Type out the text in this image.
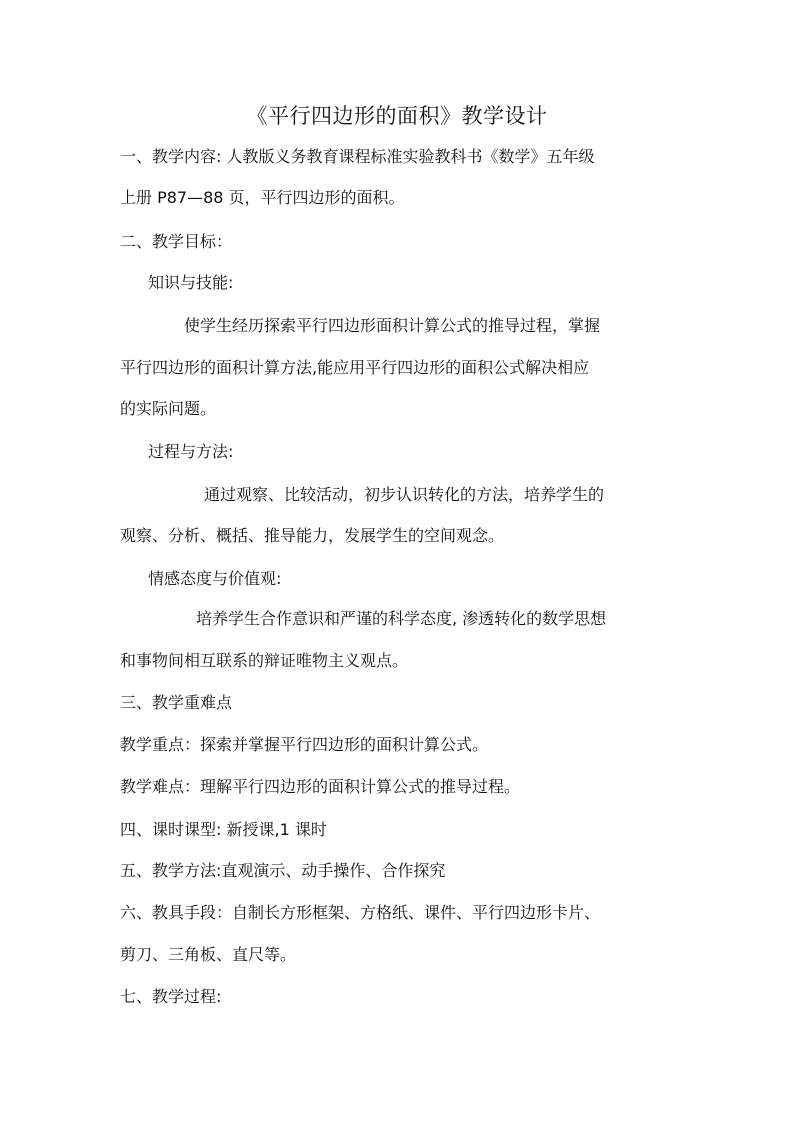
《平行四边形的面积》教学设计
一、教学内容: 人教版义务教育课程标准实验教科书《数学》五年级
上册 P87—88 页，平行四边形的面积。
二、教学目标：
知识与技能:
使学生经历探索平行四边形面积计算公式的推导过程，掌握
平行四边形的面积计算方法,能应用平行四边形的面积公式解决相应
的实际问题。
过程与方法:
通过观察、比较活动，初步认识转化的方法，培养学生的
观察、分析、概括、推导能力，发展学生的空间观念。
情感态度与价值观:
培养学生合作意识和严谨的科学态度, 渗透转化的数学思想
和事物间相互联系的辩证唯物主义观点。
三、教学重难点
教学重点：探索并掌握平行四边形的面积计算公式。
教学难点：理解平行四边形的面积计算公式的推导过程。
四、课时课型: 新授课,1 课时
五、教学方法:直观演示、动手操作、合作探究
六、教具手段：自制长方形框架、方格纸、课件、平行四边形卡片、
剪刀、三角板、直尺等。
七、教学过程:
